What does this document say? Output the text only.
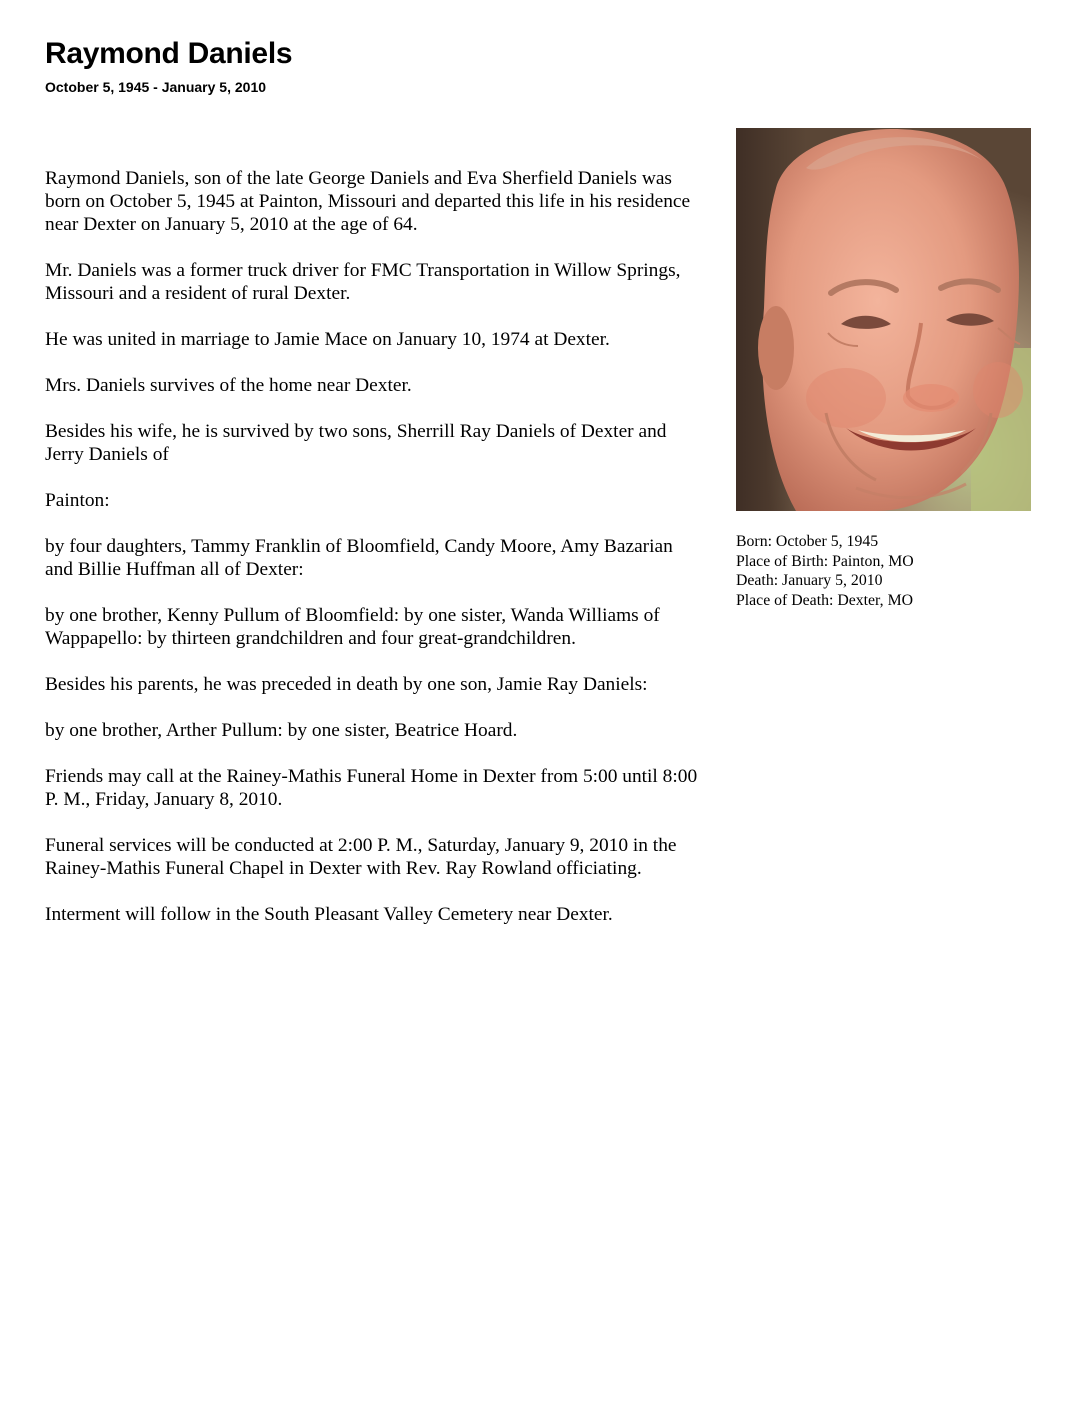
Raymond Daniels
October 5, 1945 - January 5, 2010

Raymond Daniels, son of the late George Daniels and Eva Sherfield Daniels was born on October 5, 1945 at Painton, Missouri and departed this life in his residence near Dexter on January 5, 2010 at the age of 64.

Mr. Daniels was a former truck driver for FMC Transportation in Willow Springs, Missouri and a resident of rural Dexter.

He was united in marriage to Jamie Mace on January 10, 1974 at Dexter.

Mrs. Daniels survives of the home near Dexter.

Besides his wife, he is survived by two sons, Sherrill Ray Daniels of Dexter and Jerry Daniels of

Painton:

by four daughters, Tammy Franklin of Bloomfield, Candy Moore, Amy Bazarian and Billie Huffman all of Dexter:

by one brother, Kenny Pullum of Bloomfield: by one sister, Wanda Williams of Wappapello: by thirteen grandchildren and four great-grandchildren.

Besides his parents, he was preceded in death by one son, Jamie Ray Daniels:

by one brother, Arther Pullum: by one sister, Beatrice Hoard.

Friends may call at the Rainey-Mathis Funeral Home in Dexter from 5:00 until 8:00 P. M., Friday, January 8, 2010.

Funeral services will be conducted at 2:00 P. M., Saturday, January 9, 2010 in the Rainey-Mathis Funeral Chapel in Dexter with Rev. Ray Rowland officiating.

Interment will follow in the South Pleasant Valley Cemetery near Dexter.

Born: October 5, 1945
Place of Birth: Painton, MO
Death: January 5, 2010
Place of Death: Dexter, MO
